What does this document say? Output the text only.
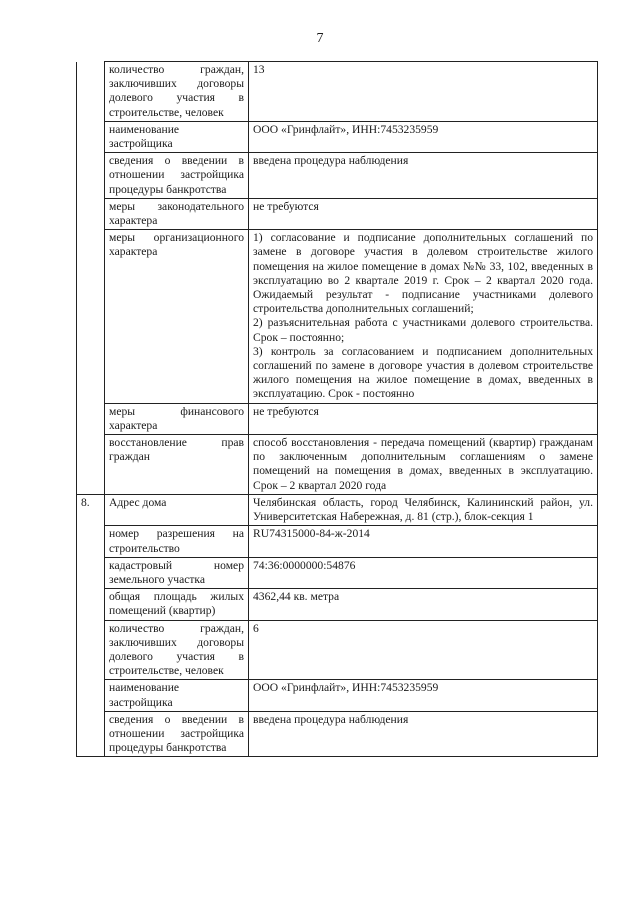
7
	количество граждан, заключивших договоры долевого участия в строительстве, человек	13

	наименование застройщика	ООО «Гринфлайт», ИНН:7453235959

	сведения о введении в отношении застройщика процедуры банкротства	введена процедура наблюдения

	меры законодательного характера	не требуются

	меры организационного характера	1) согласование и подписание дополнительных соглашений по замене в договоре участия в долевом строительстве жилого помещения на жилое помещение в домах №№ 33, 102, введенных в эксплуатацию во 2 квартале 2019 г. Срок – 2 квартал 2020 года. Ожидаемый результат - подписание участниками долевого строительства дополнительных соглашений;

2) разъяснительная работа с участниками долевого строительства. Срок – постоянно;

3) контроль за согласованием и подписанием дополнительных соглашений по замене в договоре участия в долевом строительстве жилого помещения на жилое помещение в домах, введенных в эксплуатацию. Срок - постоянно

	меры финансового характера	не требуются

	восстановление прав граждан	способ восстановления - передача помещений (квартир) гражданам по заключенным дополнительным соглашениям о замене помещений на помещения в домах, введенных в эксплуатацию. Срок – 2 квартал 2020 года

8.	Адрес дома	Челябинская область, город Челябинск, Калининский район, ул. Университетская Набережная, д. 81 (стр.), блок-секция 1

	номер разрешения на строительство	RU74315000-84-ж-2014

	кадастровый номер земельного участка	74:36:0000000:54876

	общая площадь жилых помещений (квартир)	4362,44 кв. метра

	количество граждан, заключивших договоры долевого участия в строительстве, человек	6

	наименование застройщика	ООО «Гринфлайт», ИНН:7453235959

	сведения о введении в отношении застройщика процедуры банкротства	введена процедура наблюдения
